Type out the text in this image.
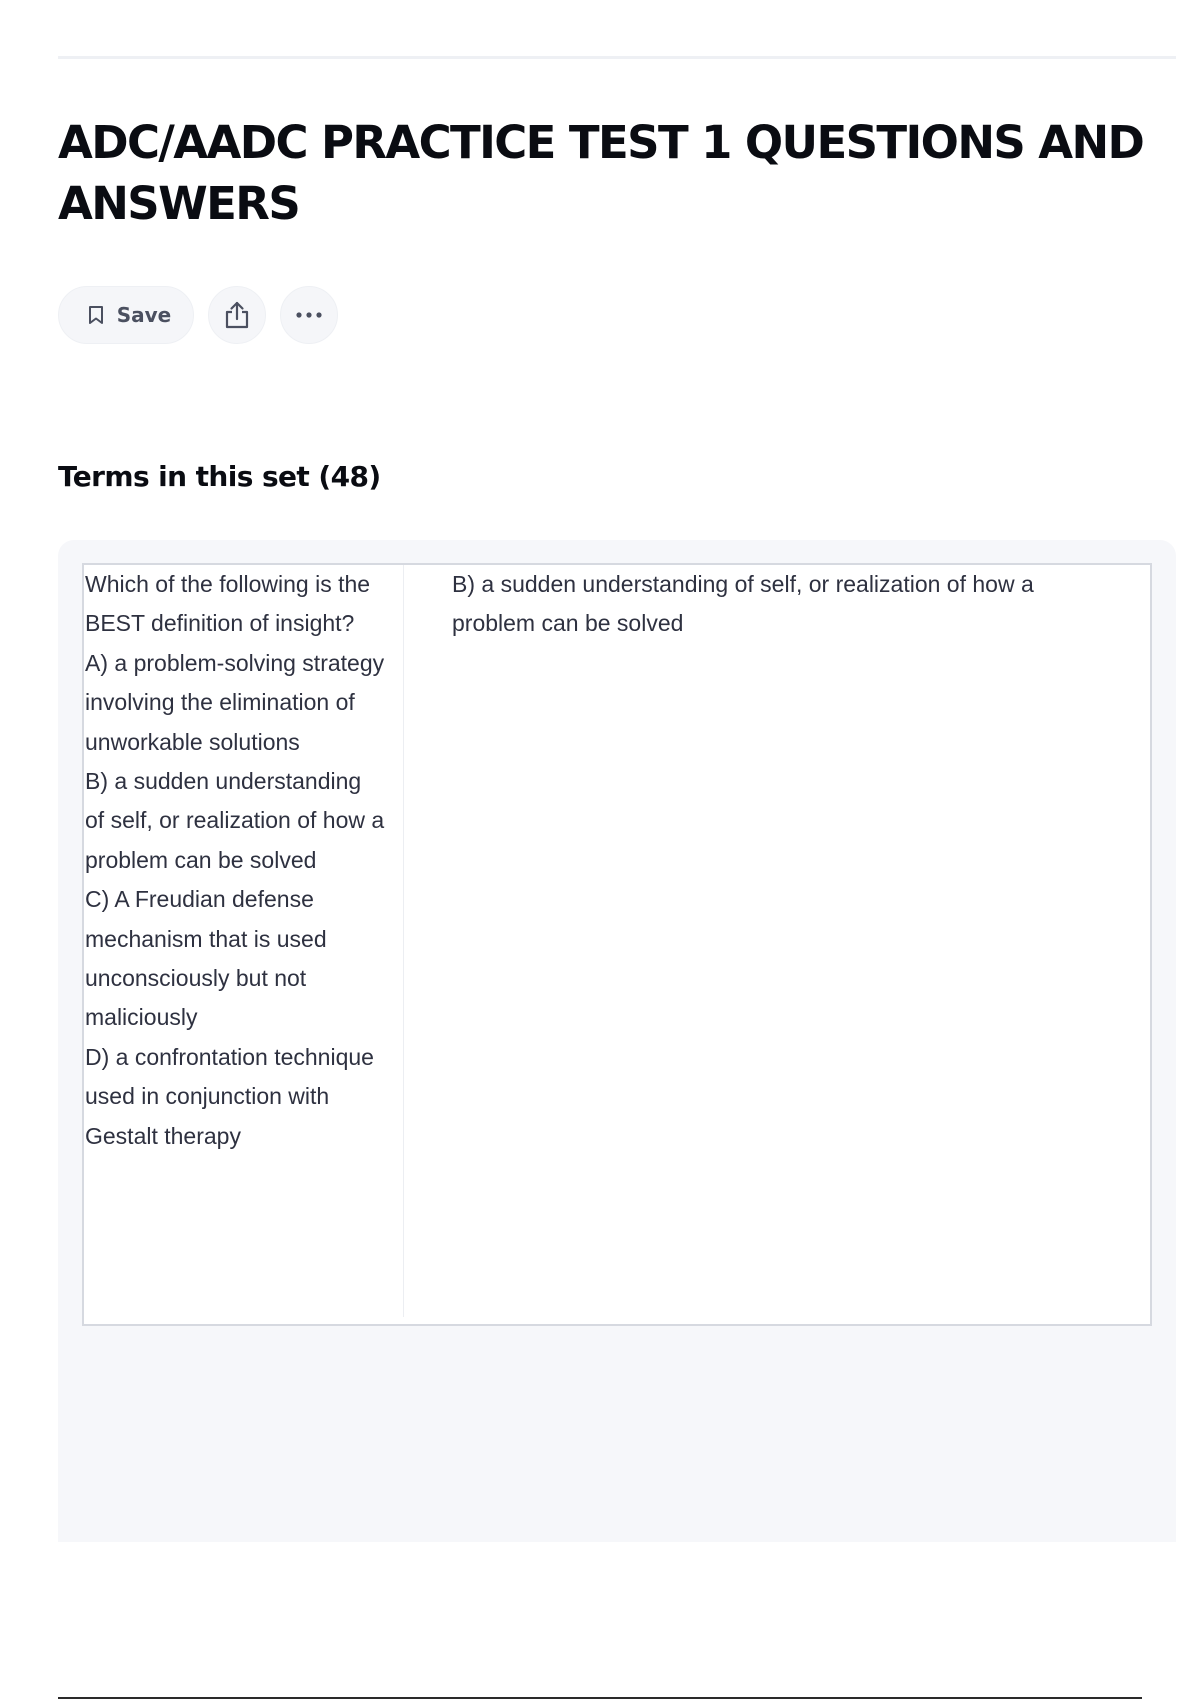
ADC/AADC PRACTICE TEST 1 QUESTIONS AND ANSWERS
Save
Terms in this set (48)

Which of the following is the BEST definition of insight?
A) a problem-solving strategy involving the elimination of unworkable solutions
B) a sudden understanding of self, or realization of how a problem can be solved
C) A Freudian defense mechanism that is used unconsciously but not maliciously
D) a confrontation technique used in conjunction with Gestalt therapy

B) a sudden understanding of self, or realization of how a problem can be solved
